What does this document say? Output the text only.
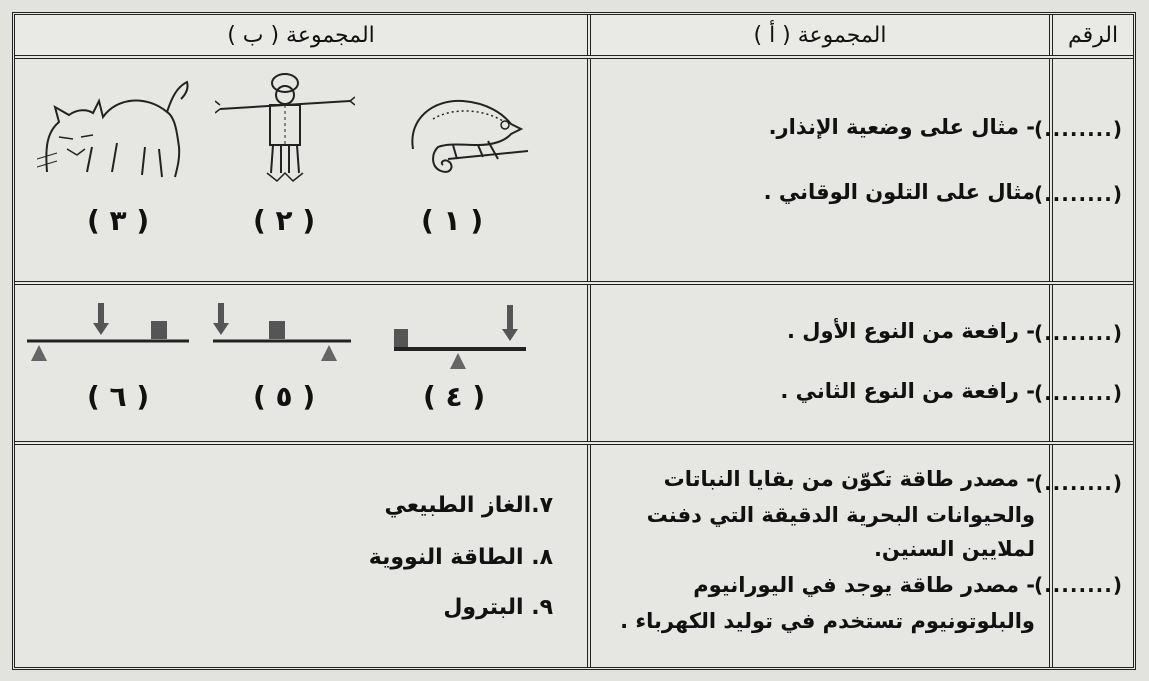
الرقم
المجموعة ( أ )
المجموعة ( ب )
(........)
(........)
- مثال على وضعية الإنذار.
مثال على التلون الوقاني .
( ١ )
( ٢ )
( ٣ )
(........)
(........)
- رافعة من النوع الأول .
- رافعة من النوع الثاني .
( ٤ )
( ٥ )
( ٦ )
(........)
(........)
- مصدر طاقة تكوّن من بقايا النباتات
والحيوانات البحرية الدقيقة التي دفنت
لملايين السنين.
- مصدر طاقة يوجد في اليورانيوم
والبلوتونيوم تستخدم في توليد الكهرباء .
٧.الغاز الطبيعي
٨. الطاقة النووية
٩. البترول
